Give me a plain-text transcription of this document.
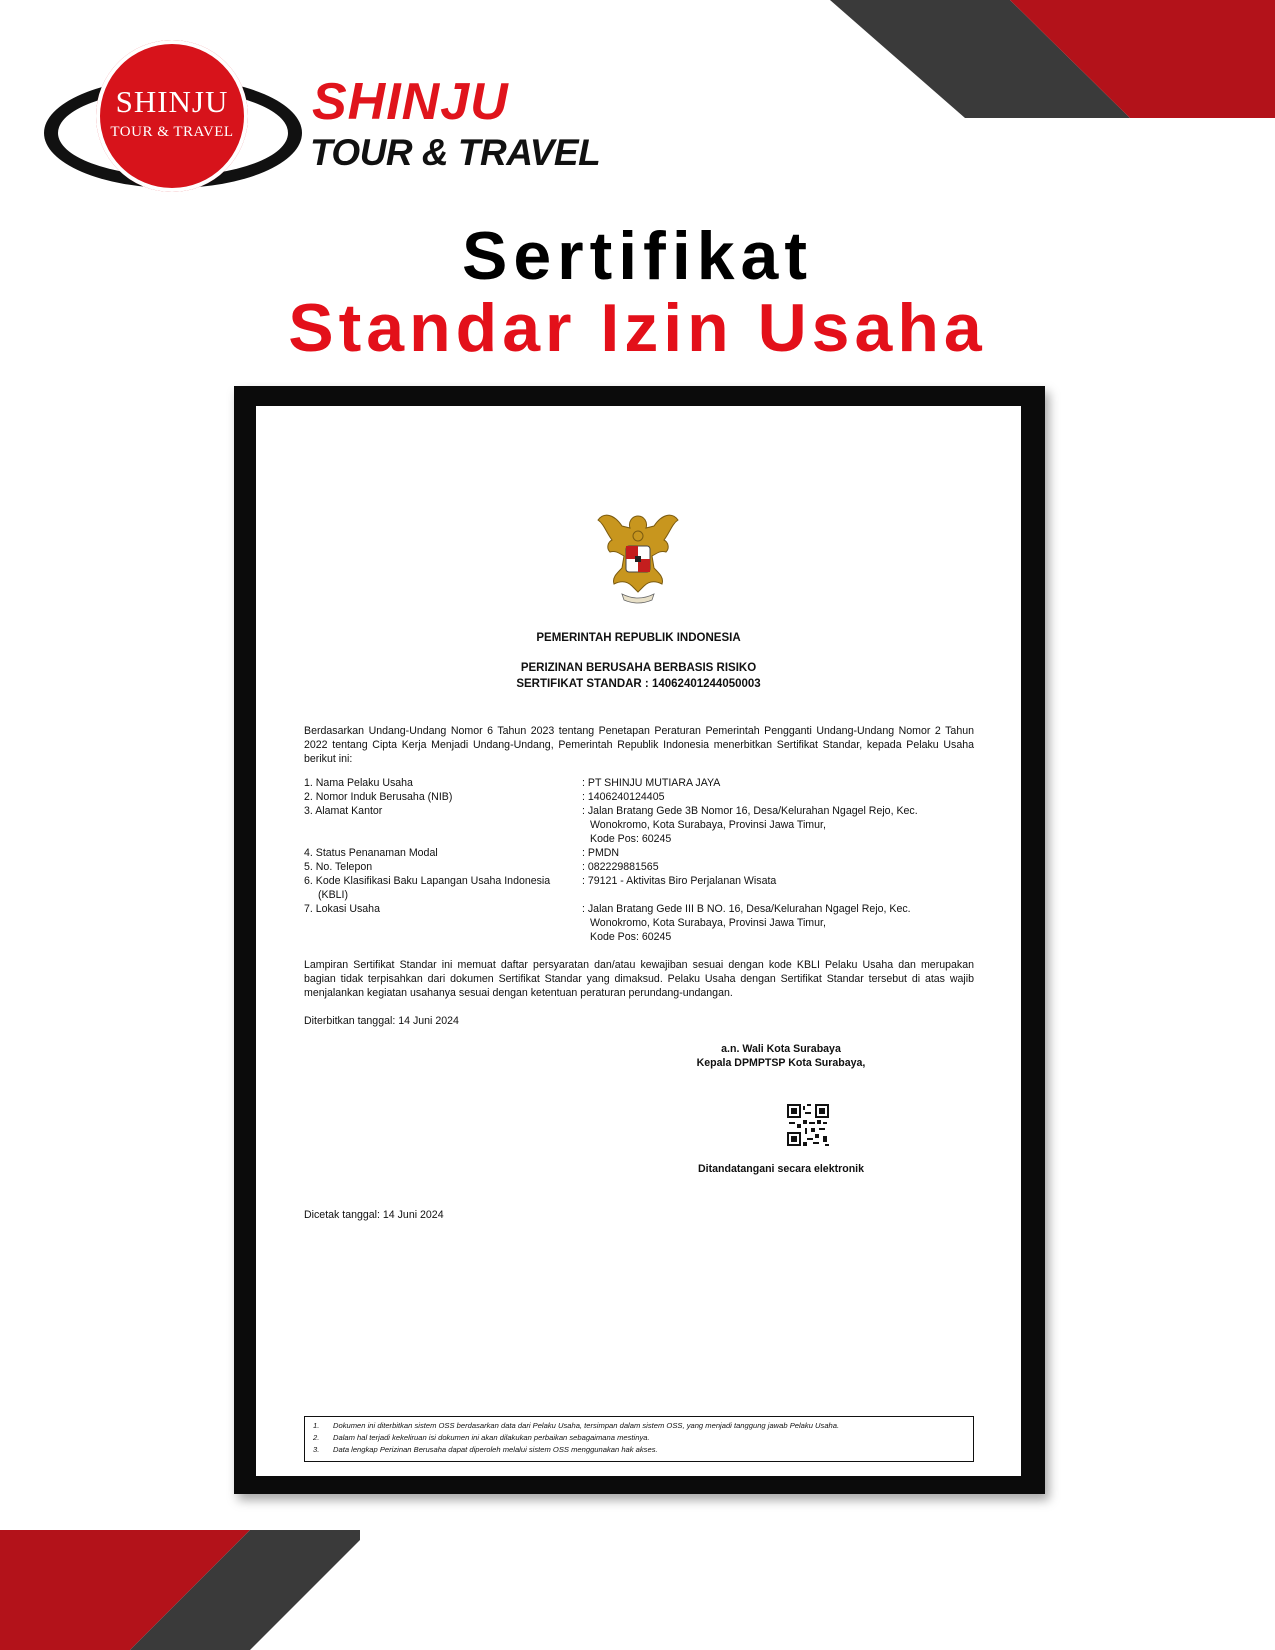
SHINJU
TOUR & TRAVEL
SHINJU
TOUR & TRAVEL
Sertifikat
Standar Izin Usaha
PEMERINTAH REPUBLIK INDONESIA
PERIZINAN BERUSAHA BERBASIS RISIKO
SERTIFIKAT STANDAR : 14062401244050003
Berdasarkan Undang-Undang Nomor 6 Tahun 2023 tentang Penetapan Peraturan Pemerintah Pengganti Undang-Undang Nomor 2 Tahun 2022 tentang Cipta Kerja Menjadi Undang-Undang, Pemerintah Republik Indonesia menerbitkan Sertifikat Standar, kepada Pelaku Usaha berikut ini:
1. Nama Pelaku Usaha	: PT SHINJU MUTIARA JAYA
2. Nomor Induk Berusaha (NIB)	: 1406240124405
3. Alamat Kantor	: Jalan Bratang Gede 3B Nomor 16, Desa/Kelurahan Ngagel Rejo, Kec.
Wonokromo, Kota Surabaya, Provinsi Jawa Timur,
Kode Pos: 60245
4. Status Penanaman Modal	: PMDN
5. No. Telepon	: 082229881565
6. Kode Klasifikasi Baku Lapangan Usaha Indonesia
(KBLI)
: 79121 - Aktivitas Biro Perjalanan Wisata
7. Lokasi Usaha	: Jalan Bratang Gede III B NO. 16, Desa/Kelurahan Ngagel Rejo, Kec.
Wonokromo, Kota Surabaya, Provinsi Jawa Timur,
Kode Pos: 60245
Lampiran Sertifikat Standar ini memuat daftar persyaratan dan/atau kewajiban sesuai dengan kode KBLI Pelaku Usaha dan merupakan bagian tidak terpisahkan dari dokumen Sertifikat Standar yang dimaksud. Pelaku Usaha dengan Sertifikat Standar tersebut di atas wajib menjalankan kegiatan usahanya sesuai dengan ketentuan peraturan perundang-undangan.
Diterbitkan tanggal: 14 Juni 2024
a.n. Wali Kota Surabaya
Kepala DPMPTSP Kota Surabaya,
Ditandatangani secara elektronik
Dicetak tanggal: 14 Juni 2024
1.	Dokumen ini diterbitkan sistem OSS berdasarkan data dari Pelaku Usaha, tersimpan dalam sistem OSS, yang menjadi tanggung jawab Pelaku Usaha.
2.	Dalam hal terjadi kekeliruan isi dokumen ini akan dilakukan perbaikan sebagaimana mestinya.
3.	Data lengkap Perizinan Berusaha dapat diperoleh melalui sistem OSS menggunakan hak akses.
